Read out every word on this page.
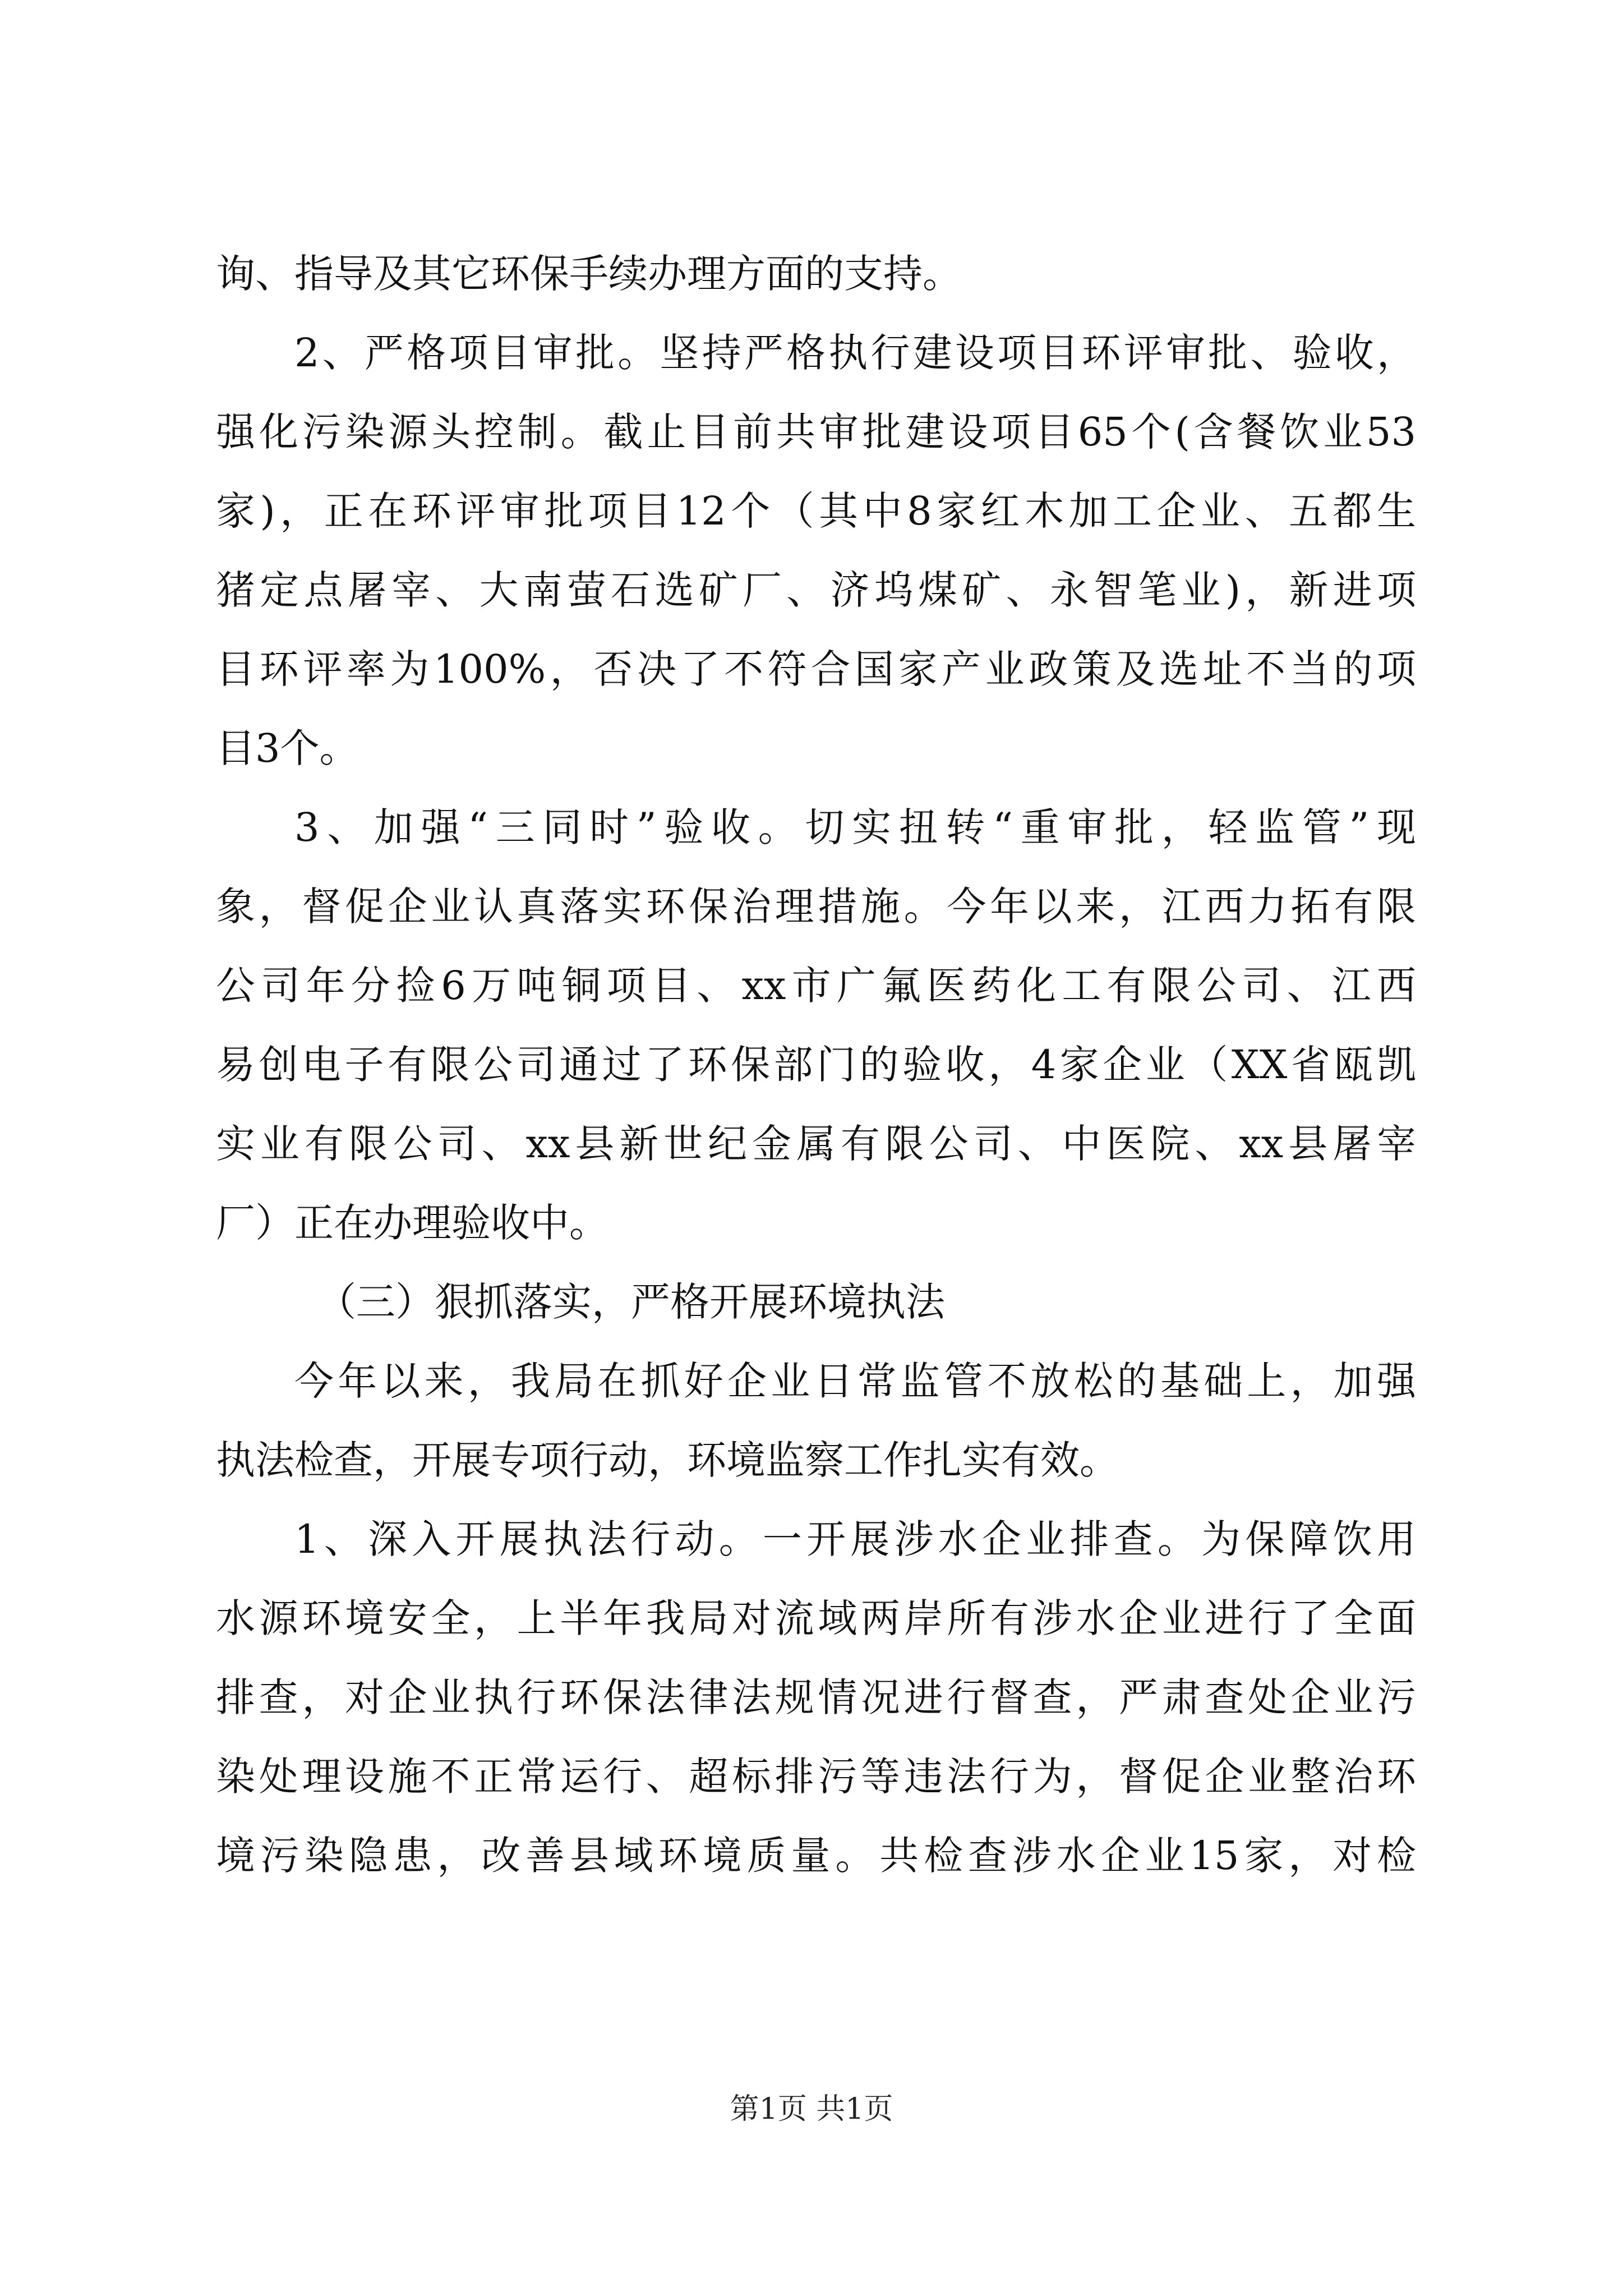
询、指导及其它环保手续办理方面的支持。
2、严格项目审批。坚持严格执行建设项目环评审批、验收，
强化污染源头控制。截止目前共审批建设项目65个(含餐饮业53
家)，正在环评审批项目12个（其中8家红木加工企业、五都生
猪定点屠宰、大南萤石选矿厂、济坞煤矿、永智笔业)，新进项
目环评率为100%，否决了不符合国家产业政策及选址不当的项
目3个。
3、加强“三同时”验收。切实扭转“重审批，轻监管”现
象，督促企业认真落实环保治理措施。今年以来，江西力拓有限
公司年分捡6万吨铜项目、xx市广氟医药化工有限公司、江西
易创电子有限公司通过了环保部门的验收，4家企业（XX省瓯凯
实业有限公司、xx县新世纪金属有限公司、中医院、xx县屠宰
厂）正在办理验收中。
（三）狠抓落实，严格开展环境执法
今年以来，我局在抓好企业日常监管不放松的基础上，加强
执法检查，开展专项行动，环境监察工作扎实有效。
1、深入开展执法行动。一开展涉水企业排查。为保障饮用
水源环境安全，上半年我局对流域两岸所有涉水企业进行了全面
排查，对企业执行环保法律法规情况进行督查，严肃查处企业污
染处理设施不正常运行、超标排污等违法行为，督促企业整治环
境污染隐患，改善县域环境质量。共检查涉水企业15家，对检
第1页 共1页
